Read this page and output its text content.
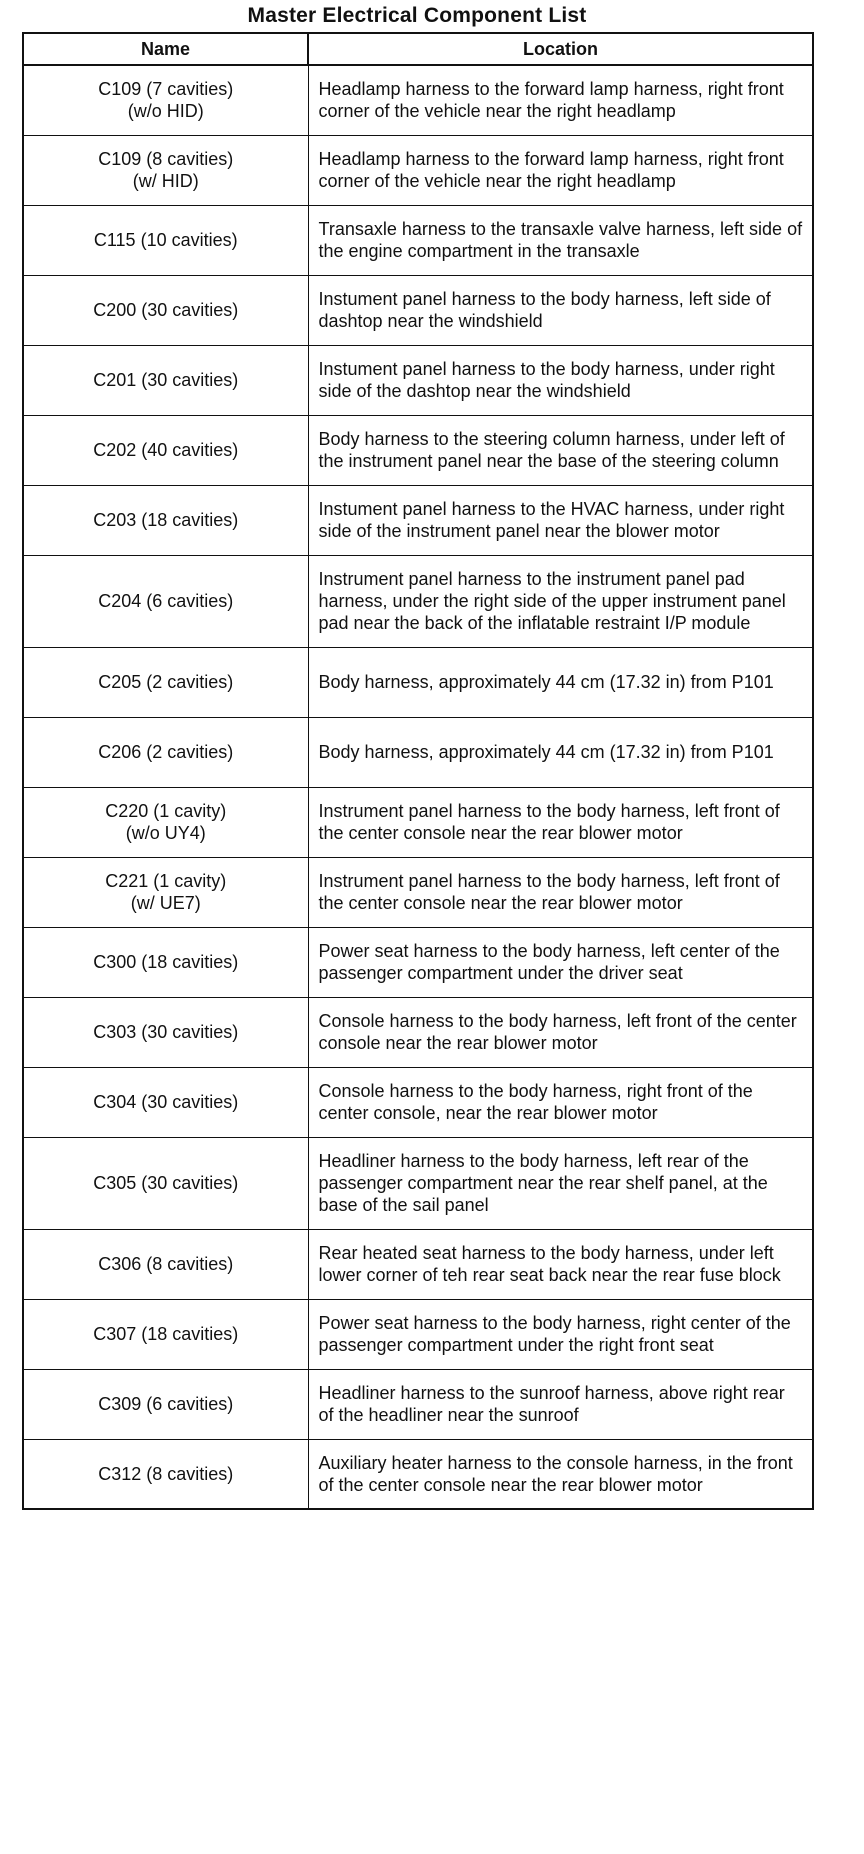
Master Electrical Component List
Name	Location

C109 (7 cavities)
(w/o HID)	Headlamp harness to the forward lamp harness, right front corner of the vehicle near the right headlamp

C109 (8 cavities)
(w/ HID)	Headlamp harness to the forward lamp harness, right front corner of the vehicle near the right headlamp

C115 (10 cavities)	Transaxle harness to the transaxle valve harness, left side of the engine compartment in the transaxle

C200 (30 cavities)	Instument panel harness to the body harness, left side of dashtop near the windshield

C201 (30 cavities)	Instument panel harness to the body harness, under right side of the dashtop near the windshield

C202 (40 cavities)	Body harness to the steering column harness, under left of the instrument panel near the base of the steering column

C203 (18 cavities)	Instument panel harness to the HVAC harness, under right side of the instrument panel near the blower motor

C204 (6 cavities)	Instrument panel harness to the instrument panel pad harness, under the right side of the upper instrument panel pad near the back of the inflatable restraint I/P module

C205 (2 cavities)	Body harness, approximately 44 cm (17.32 in) from P101

C206 (2 cavities)	Body harness, approximately 44 cm (17.32 in) from P101

C220 (1 cavity)
(w/o UY4)	Instrument panel harness to the body harness, left front of the center console near the rear blower motor

C221 (1 cavity)
(w/ UE7)	Instrument panel harness to the body harness, left front of the center console near the rear blower motor

C300 (18 cavities)	Power seat harness to the body harness, left center of the passenger compartment under the driver seat

C303 (30 cavities)	Console harness to the body harness, left front of the center console near the rear blower motor

C304 (30 cavities)	Console harness to the body harness, right front of the center console, near the rear blower motor

C305 (30 cavities)	Headliner harness to the body harness, left rear of the passenger compartment near the rear shelf panel, at the base of the sail panel

C306 (8 cavities)	Rear heated seat harness to the body harness, under left lower corner of teh rear seat back near the rear fuse block

C307 (18 cavities)	Power seat harness to the body harness, right center of the passenger compartment under the right front seat

C309 (6 cavities)	Headliner harness to the sunroof harness, above right rear of the headliner near the sunroof

C312 (8 cavities)	Auxiliary heater harness to the console harness, in the front of the center console near the rear blower motor
